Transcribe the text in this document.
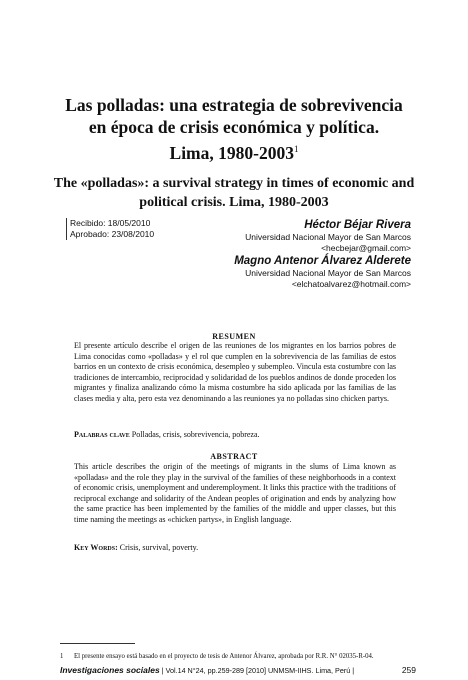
Las polladas: una estrategia de sobrevivencia
en época de crisis económica y política.
Lima, 1980-2003$^1$
The «polladas»: a survival strategy in times of economic and
political crisis. Lima, 1980-2003
Recibido: 18/05/2010
Aprobado: 23/08/2010
Héctor Béjar Rivera
Universidad Nacional Mayor de San Marcos
<hecbejar@gmail.com>
Magno Antenor Álvarez Alderete
Universidad Nacional Mayor de San Marcos
<elchatoalvarez@hotmail.com>
RESUMEN

El presente artículo describe el origen de las reuniones de los migrantes en los barrios pobres de Lima conocidas como «polladas» y el rol que cumplen en la sobrevivencia de las familias de estos barrios en un contexto de crisis económica, desempleo y subempleo. Vincula esta costumbre con las tradiciones de intercambio, reciprocidad y solidaridad de los pueblos andinos de donde proceden los migrantes y finaliza analizando cómo la misma costumbre ha sido aplicada por las familias de las clases media y alta, pero esta vez denominando a las reuniones ya no polladas sino chicken partys.

Palabras clave Polladas, crisis, sobrevivencia, pobreza.

ABSTRACT

This article describes the origin of the meetings of migrants in the slums of Lima known as «polladas» and the role they play in the survival of the families of these neighborhoods in a context of economic crisis, unemployment and underemployment. It links this practice with the traditions of reciprocal exchange and solidarity of the Andean peoples of origination and ends by analyzing how the same practice has been implemented by the families of the middle and upper classes, but this time naming the meetings as «chicken partys», in English language.

Key Words: Crisis, survival, poverty.

1 El presente ensayo está basado en el proyecto de tesis de Antenor Álvarez, aprobada por R.R. N° 02035-R-04.
Investigaciones sociales | Vol.14 N°24, pp.259-289 [2010] UNMSM-IIHS. Lima, Perú |	259
